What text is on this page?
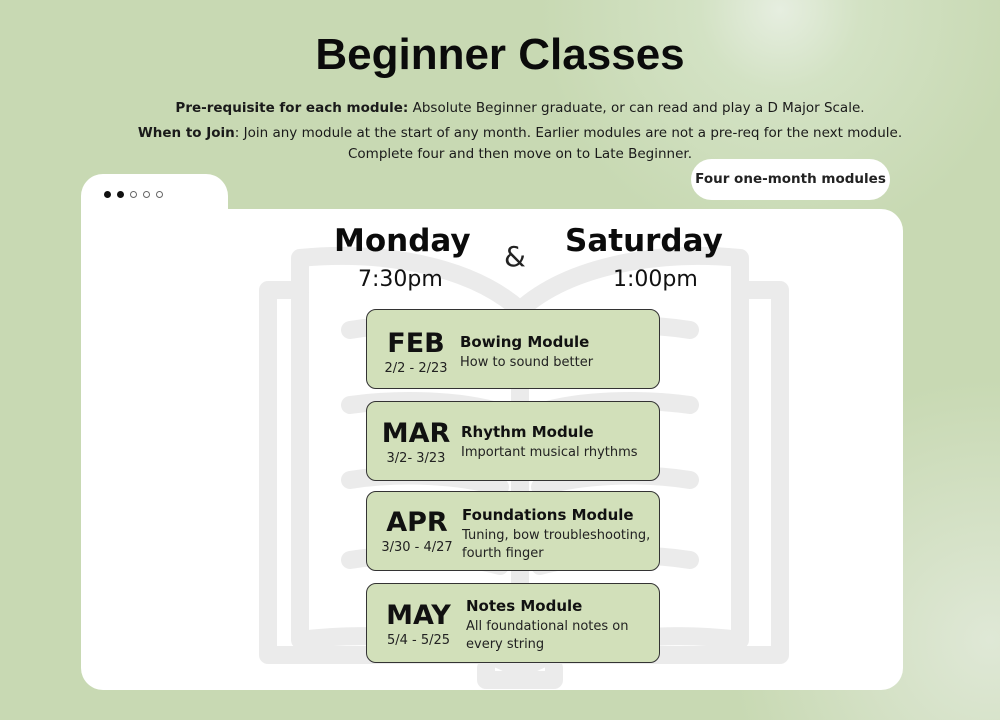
Beginner Classes

Pre-requisite for each module: Absolute Beginner graduate, or can read and play a D Major Scale.

When to Join: Join any module at the start of any month. Earlier modules are not a pre-req for the next module. Complete four and then move on to Late Beginner.

Four one-month modules
Monday & Saturday
7:30pm	1:00pm
FEB
2/2 - 2/23
Bowing Module
How to sound better
MAR
3/2- 3/23
Rhythm Module
Important musical rhythms
APR
3/30 - 4/27
Foundations Module
Tuning, bow troubleshooting, fourth finger
MAY
5/4 - 5/25
Notes Module
All foundational notes on every string
